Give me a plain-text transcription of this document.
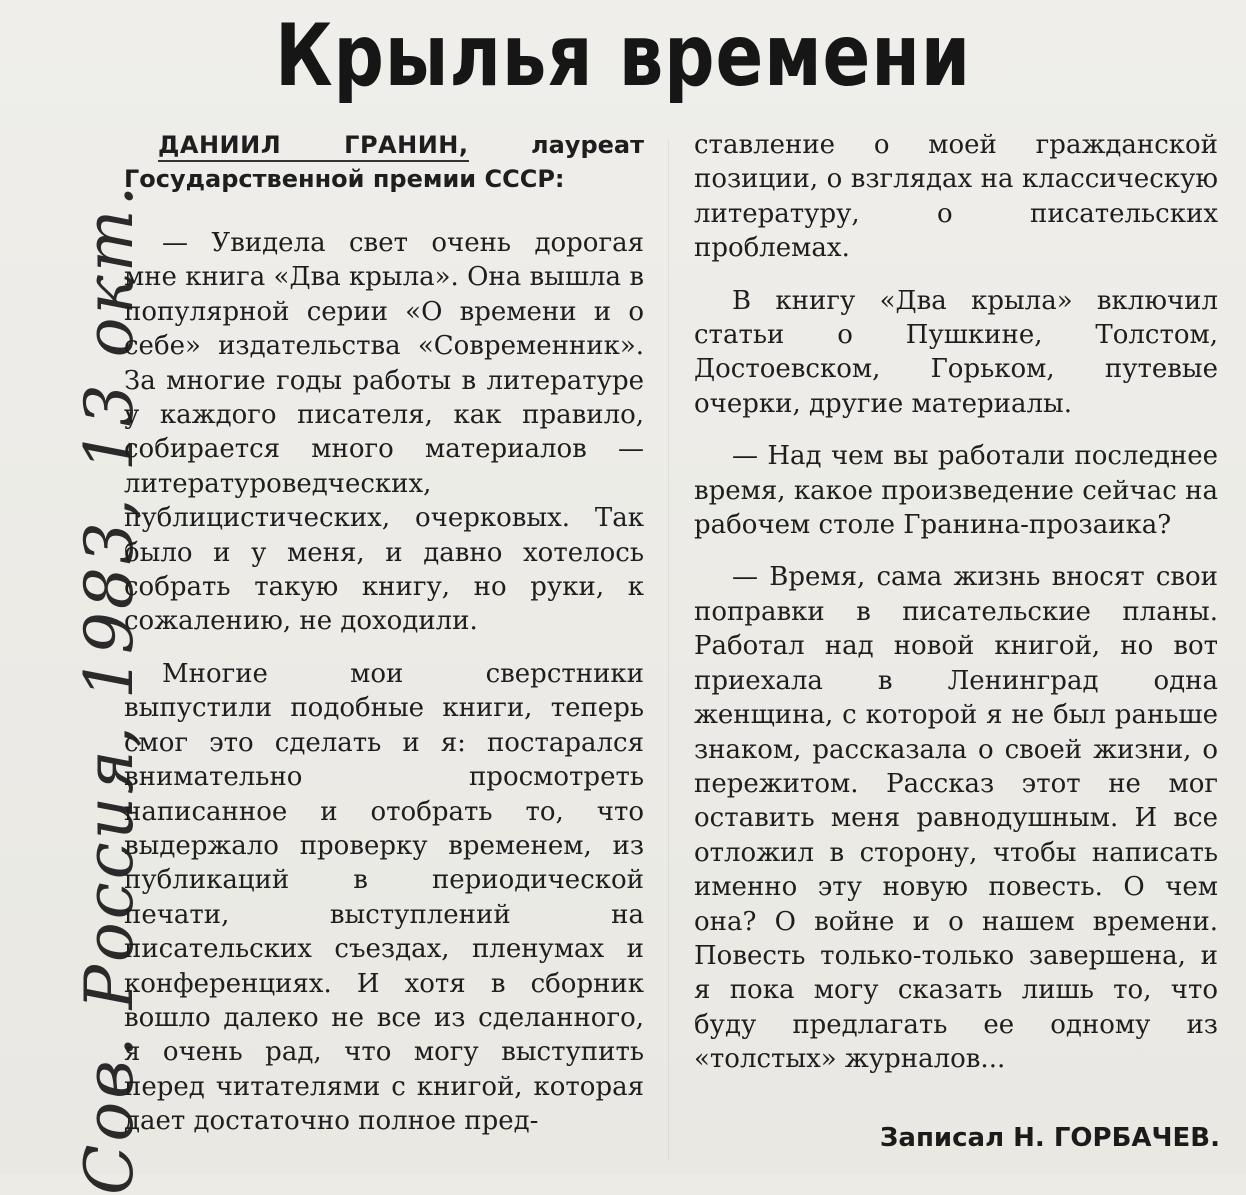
Крылья времени
Сов. Россия, 1983, 13 окт.

ДАНИИЛ ГРАНИН, лауреат Государственной премии СССР:

— Увидела свет очень дорогая мне книга «Два крыла». Она вышла в популярной серии «О времени и о себе» издательства «Современник». За многие годы работы в литературе у каждого писателя, как правило, собирается много материалов — литературоведческих, публицистических, очерковых. Так было и у меня, и давно хотелось собрать такую книгу, но руки, к сожалению, не доходили.

Многие мои сверстники выпустили подобные книги, теперь смог это сделать и я: постарался внимательно просмотреть написанное и отобрать то, что выдержало проверку временем, из публикаций в периодической печати, выступлений на писательских съездах, пленумах и конференциях. И хотя в сборник вошло далеко не все из сделанного, я очень рад, что могу выступить перед читателями с книгой, которая дает достаточно полное пред-

ставление о моей гражданской позиции, о взглядах на классическую литературу, о писательских проблемах.

В книгу «Два крыла» включил статьи о Пушкине, Толстом, Достоевском, Горьком, путевые очерки, другие материалы.

— Над чем вы работали последнее время, какое произведение сейчас на рабочем столе Гранина-прозаика?

— Время, сама жизнь вносят свои поправки в писательские планы. Работал над новой книгой, но вот приехала в Ленинград одна женщина, с которой я не был раньше знаком, рассказала о своей жизни, о пережитом. Рассказ этот не мог оставить меня равнодушным. И все отложил в сторону, чтобы написать именно эту новую повесть. О чем она? О войне и о нашем времени. Повесть только-только завершена, и я пока могу сказать лишь то, что буду предлагать ее одному из «толстых» журналов...

Записал Н. ГОРБАЧЕВ.
